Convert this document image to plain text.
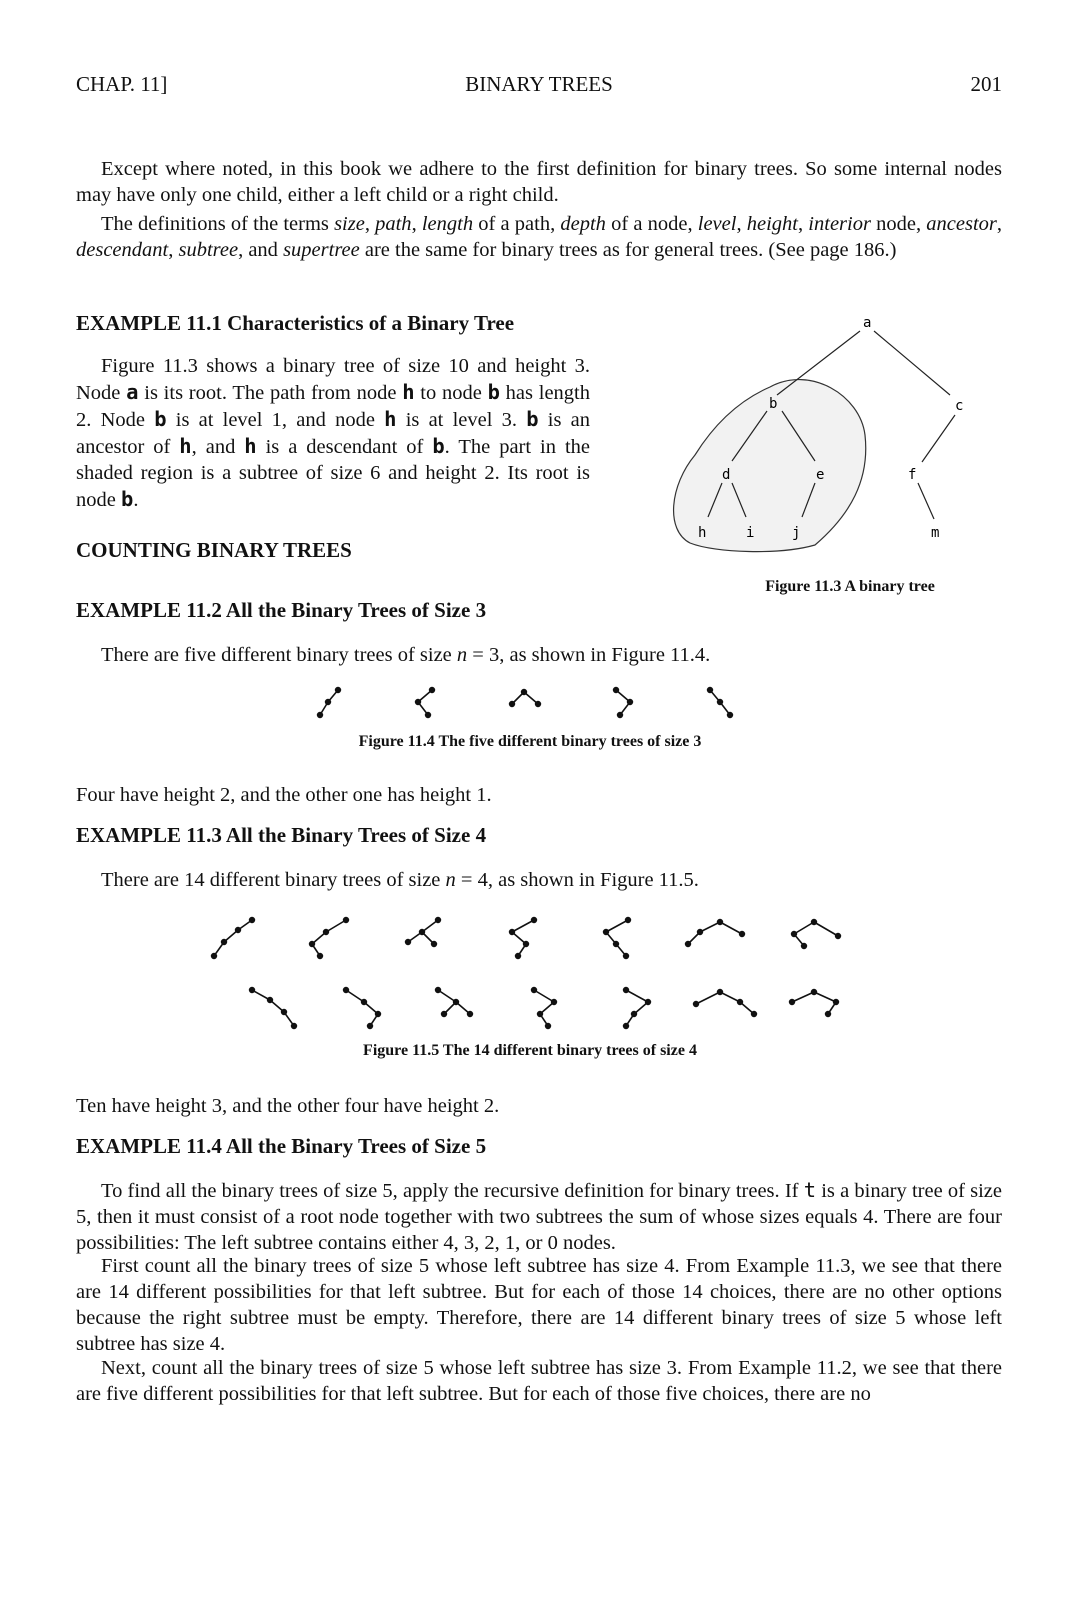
CHAP. 11]	BINARY TREES	201
Except where noted, in this book we adhere to the first definition for binary trees. So some internal nodes may have only one child, either a left child or a right child.
The definitions of the terms size, path, length of a path, depth of a node, level, height, interior node, ancestor, descendant, subtree, and supertree are the same for binary trees as for general trees. (See page 186.)
EXAMPLE 11.1 Characteristics of a Binary Tree
Figure 11.3 shows a binary tree of size 10 and height 3. Node a is its root. The path from node h to node b has length 2. Node b is at level 1, and node h is at level 3. b is an ancestor of h, and h is a descendant of b. The part in the shaded region is a subtree of size 6 and height 2. Its root is node b.
a
b	c
d	e	f
h	i	j	m
Figure 11.3 A binary tree
COUNTING BINARY TREES
EXAMPLE 11.2 All the Binary Trees of Size 3
There are five different binary trees of size n = 3, as shown in Figure 11.4.
Figure 11.4 The five different binary trees of size 3
Four have height 2, and the other one has height 1.
EXAMPLE 11.3 All the Binary Trees of Size 4
There are 14 different binary trees of size n = 4, as shown in Figure 11.5.
Figure 11.5 The 14 different binary trees of size 4
Ten have height 3, and the other four have height 2.
EXAMPLE 11.4 All the Binary Trees of Size 5
To find all the binary trees of size 5, apply the recursive definition for binary trees. If t is a binary tree of size 5, then it must consist of a root node together with two subtrees the sum of whose sizes equals 4. There are four possibilities: The left subtree contains either 4, 3, 2, 1, or 0 nodes.
First count all the binary trees of size 5 whose left subtree has size 4. From Example 11.3, we see that there are 14 different possibilities for that left subtree. But for each of those 14 choices, there are no other options because the right subtree must be empty. Therefore, there are 14 different binary trees of size 5 whose left subtree has size 4.
Next, count all the binary trees of size 5 whose left subtree has size 3. From Example 11.2, we see that there are five different possibilities for that left subtree. But for each of those five choices, there are no
